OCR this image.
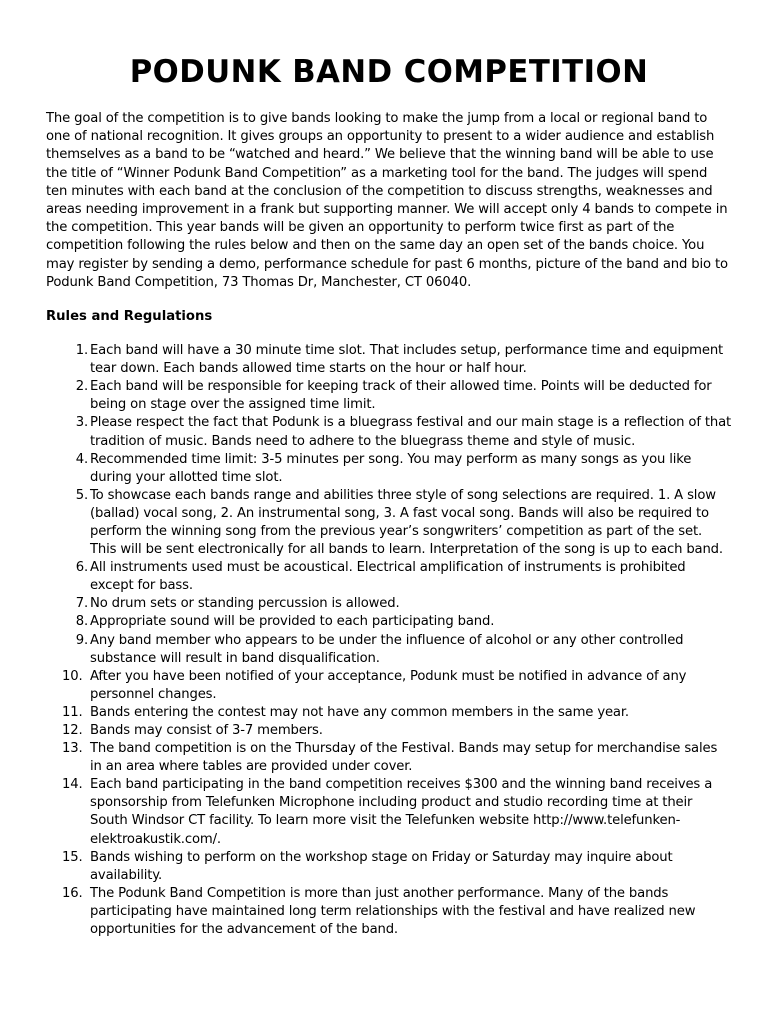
PODUNK BAND COMPETITION

The goal of the competition is to give bands looking to make the jump from a local or regional band to one of national recognition. It gives groups an opportunity to present to a wider audience and establish themselves as a band to be “watched and heard.” We believe that the winning band will be able to use the title of “Winner Podunk Band Competition” as a marketing tool for the band. The judges will spend ten minutes with each band at the conclusion of the competition to discuss strengths, weaknesses and areas needing improvement in a frank but supporting manner. We will accept only 4 bands to compete in the competition. This year bands will be given an opportunity to perform twice first as part of the competition following the rules below and then on the same day an open set of the bands choice. You may register by sending a demo, performance schedule for past 6 months, picture of the band and bio to Podunk Band Competition, 73 Thomas Dr, Manchester, CT 06040.

Rules and Regulations
1. Each band will have a 30 minute time slot. That includes setup, performance time and equipment tear down. Each bands allowed time starts on the hour or half hour.
2. Each band will be responsible for keeping track of their allowed time. Points will be deducted for being on stage over the assigned time limit.
3. Please respect the fact that Podunk is a bluegrass festival and our main stage is a reflection of that tradition of music. Bands need to adhere to the bluegrass theme and style of music.
4. Recommended time limit: 3-5 minutes per song. You may perform as many songs as you like during your allotted time slot.
5. To showcase each bands range and abilities three style of song selections are required. 1. A slow (ballad) vocal song, 2. An instrumental song, 3. A fast vocal song. Bands will also be required to perform the winning song from the previous year’s songwriters’ competition as part of the set. This will be sent electronically for all bands to learn. Interpretation of the song is up to each band.
6. All instruments used must be acoustical. Electrical amplification of instruments is prohibited except for bass.
7. No drum sets or standing percussion is allowed.
8. Appropriate sound will be provided to each participating band.
9. Any band member who appears to be under the influence of alcohol or any other controlled substance will result in band disqualification.
10. After you have been notified of your acceptance, Podunk must be notified in advance of any personnel changes.
11. Bands entering the contest may not have any common members in the same year.
12. Bands may consist of 3-7 members.
13. The band competition is on the Thursday of the Festival. Bands may setup for merchandise sales in an area where tables are provided under cover.
14. Each band participating in the band competition receives $300 and the winning band receives a sponsorship from Telefunken Microphone including product and studio recording time at their South Windsor CT facility. To learn more visit the Telefunken website http://www.telefunken-elektroakustik.com/.
15. Bands wishing to perform on the workshop stage on Friday or Saturday may inquire about availability.
16. The Podunk Band Competition is more than just another performance. Many of the bands participating have maintained long term relationships with the festival and have realized new opportunities for the advancement of the band.
